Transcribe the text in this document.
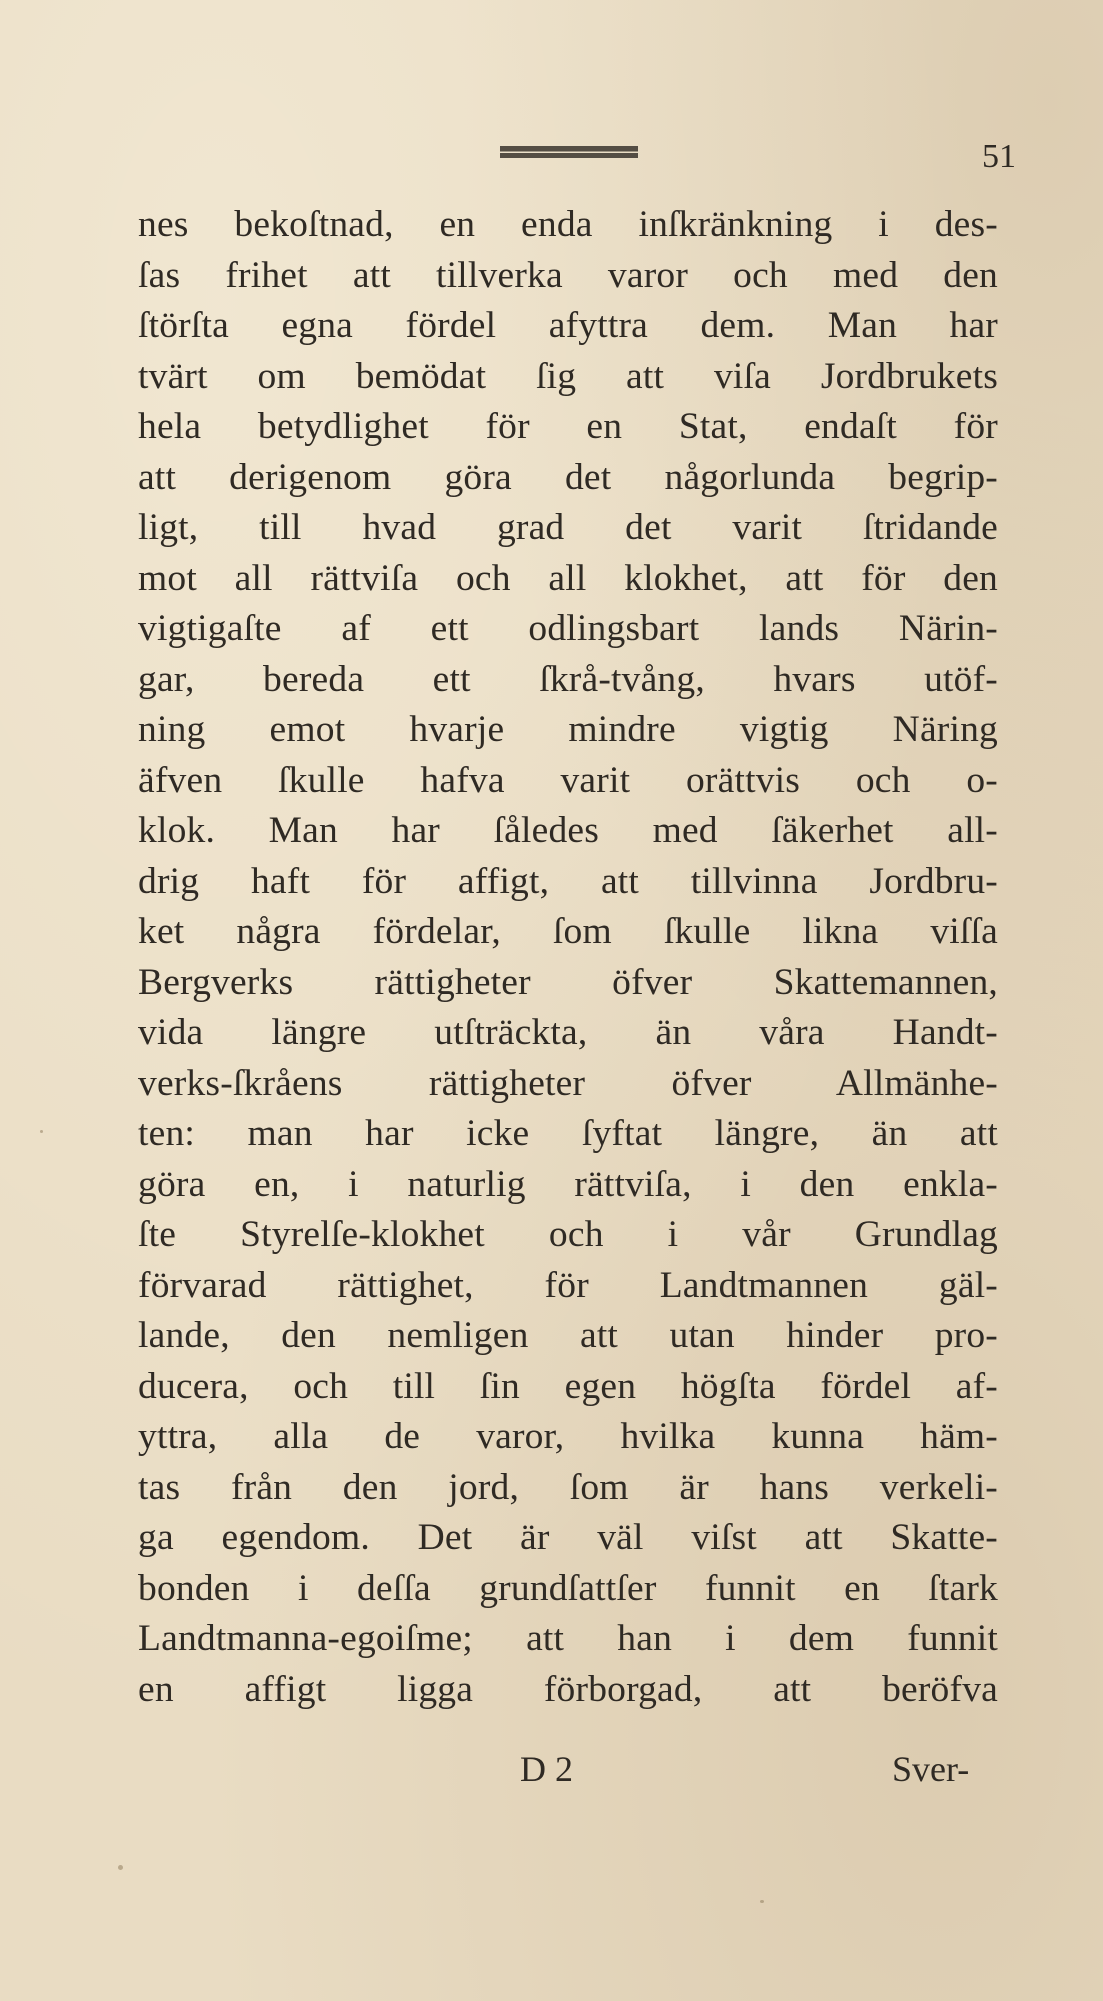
51
nes bekoſtnad, en enda inſkränkning i des-
ſas frihet att tillverka varor och med den
ſtörſta egna fördel afyttra dem. Man har
tvärt om bemödat ſig att viſa Jordbrukets
hela betydlighet för en Stat, endaſt för
att derigenom göra det någorlunda begrip-
ligt, till hvad grad det varit ſtridande
mot all rättviſa och all klokhet, att för den
vigtigaſte af ett odlingsbart lands Närin-
gar, bereda ett ſkrå-tvång, hvars utöf-
ning emot hvarje mindre vigtig Näring
äfven ſkulle hafva varit orättvis och o-
klok. Man har ſåledes med ſäkerhet all-
drig haft för affigt, att tillvinna Jordbru-
ket några fördelar, ſom ſkulle likna viſſa
Bergverks rättigheter öfver Skattemannen,
vida längre utſträckta, än våra Handt-
verks-ſkråens rättigheter öfver Allmänhe-
ten: man har icke ſyftat längre, än att
göra en, i naturlig rättviſa, i den enkla-
ſte Styrelſe-klokhet och i vår Grundlag
förvarad rättighet, för Landtmannen gäl-
lande, den nemligen att utan hinder pro-
ducera, och till ſin egen högſta fördel af-
yttra, alla de varor, hvilka kunna häm-
tas från den jord, ſom är hans verkeli-
ga egendom. Det är väl viſst att Skatte-
bonden i deſſa grundſattſer funnit en ſtark
Landtmanna-egoiſme; att han i dem funnit
en affigt ligga förborgad, att beröfva
D 2	Sver-
